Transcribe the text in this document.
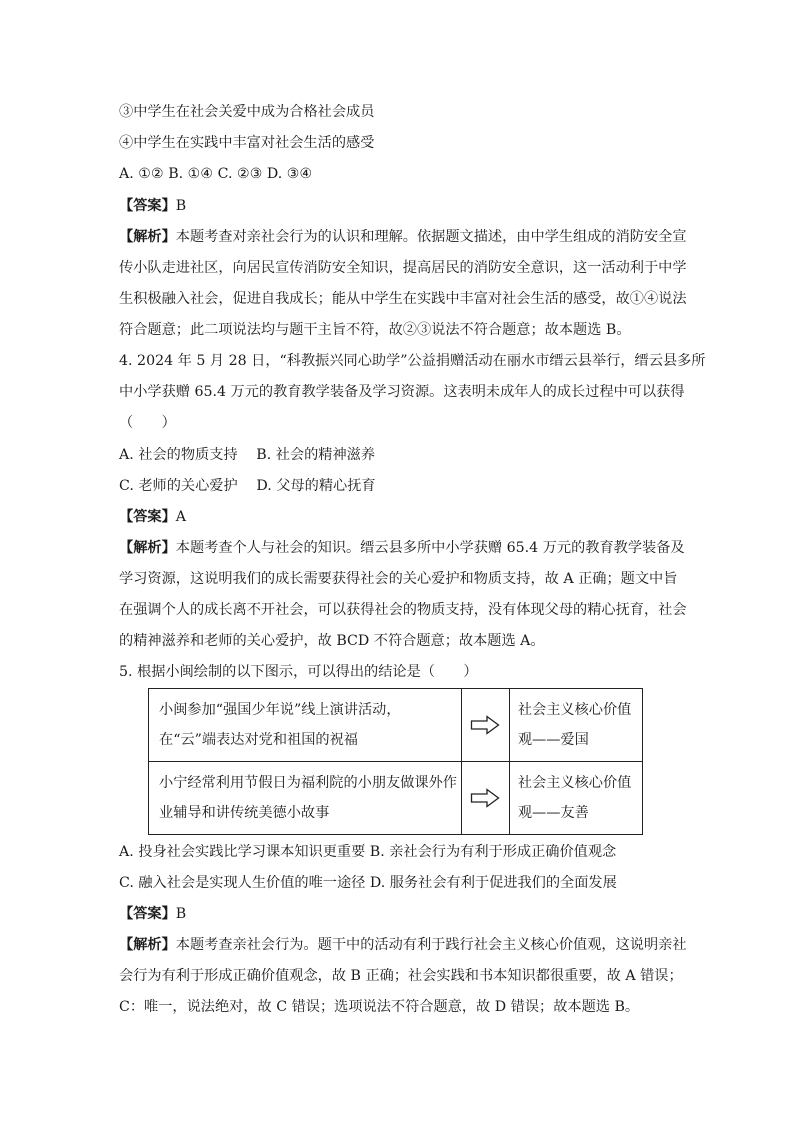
③中学生在社会关爱中成为合格社会成员

④中学生在实践中丰富对社会生活的感受

A. ①② B. ①④ C. ②③ D. ③④

【答案】B

【解析】本题考查对亲社会行为的认识和理解。依据题文描述，由中学生组成的消防安全宣

传小队走进社区，向居民宣传消防安全知识，提高居民的消防安全意识，这一活动利于中学

生积极融入社会，促进自我成长；能从中学生在实践中丰富对社会生活的感受，故①④说法

符合题意；此二项说法均与题干主旨不符，故②③说法不符合题意；故本题选 B。

4. 2024 年 5 月 28 日，“科教振兴同心助学”公益捐赠活动在丽水市缙云县举行，缙云县多所

中小学获赠 65.4 万元的教育教学装备及学习资源。这表明未成年人的成长过程中可以获得

（　　）

A. 社会的物质支持　 B. 社会的精神滋养

C. 老师的关心爱护　 D. 父母的精心抚育

【答案】A

【解析】本题考查个人与社会的知识。缙云县多所中小学获赠 65.4 万元的教育教学装备及

学习资源，这说明我们的成长需要获得社会的关心爱护和物质支持，故 A 正确；题文中旨

在强调个人的成长离不开社会，可以获得社会的物质支持，没有体现父母的精心抚育，社会

的精神滋养和老师的关心爱护，故 BCD 不符合题意；故本题选 A。

5. 根据小闽绘制的以下图示，可以得出的结论是（　　）

小闽参加“强国少年说”线上演讲活动，在“云”端表达对党和祖国的祝福		社会主义核心价值观——爱国

小宁经常利用节假日为福利院的小朋友做课外作业辅导和讲传统美德小故事		社会主义核心价值观——友善

A. 投身社会实践比学习课本知识更重要 B. 亲社会行为有利于形成正确价值观念

C. 融入社会是实现人生价值的唯一途径 D. 服务社会有利于促进我们的全面发展

【答案】B

【解析】本题考查亲社会行为。题干中的活动有利于践行社会主义核心价值观，这说明亲社

会行为有利于形成正确价值观念，故 B 正确；社会实践和书本知识都很重要，故 A 错误；

C：唯一，说法绝对，故 C 错误；选项说法不符合题意，故 D 错误；故本题选 B。
